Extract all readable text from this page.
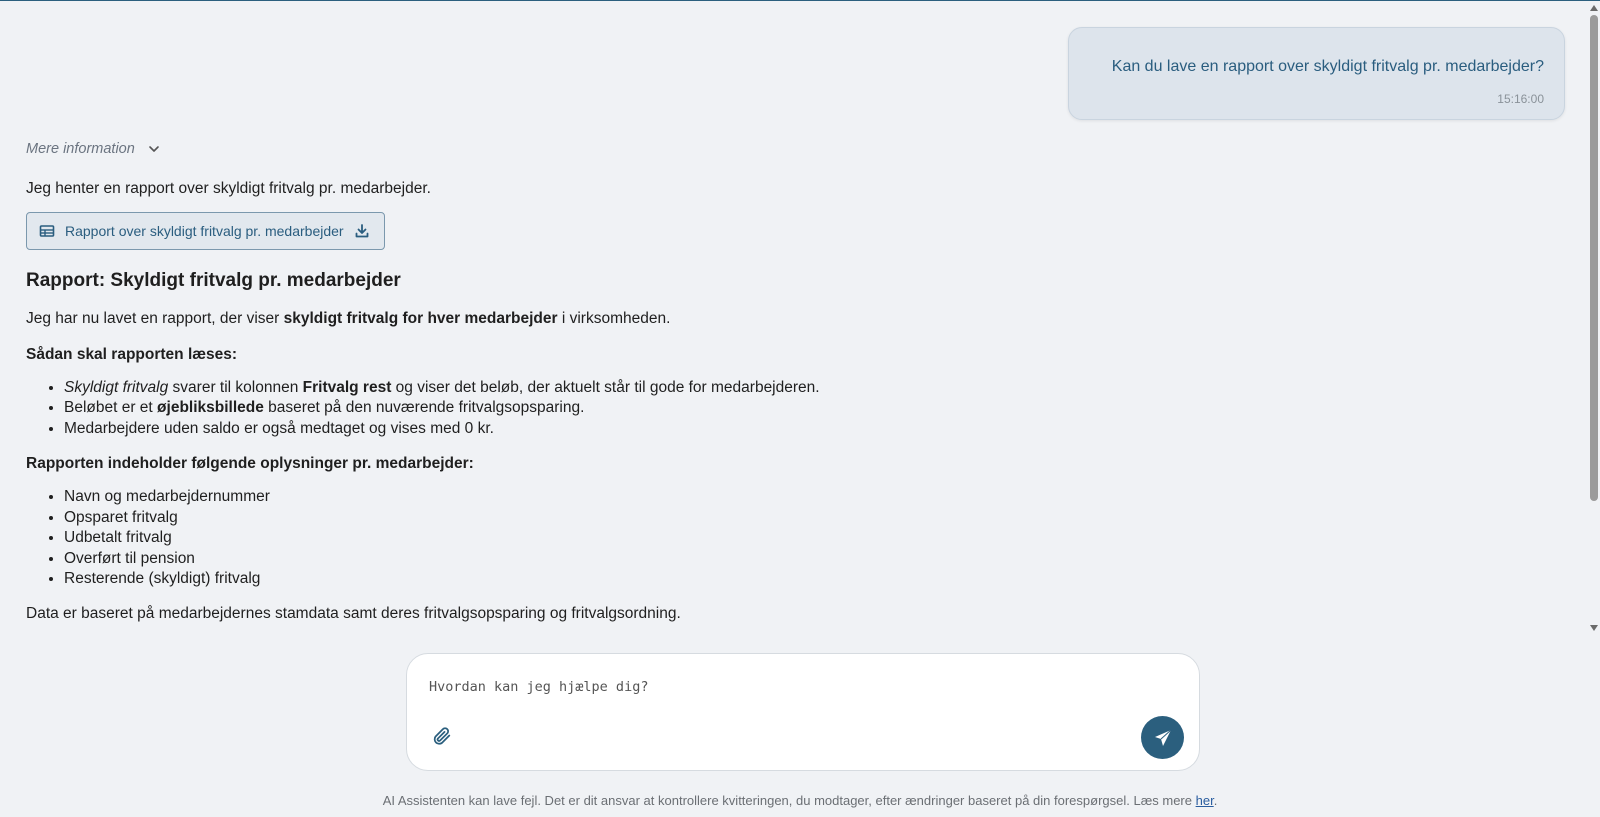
Kan du lave en rapport over skyldigt fritvalg pr. medarbejder?
15:16:00
Mere information

Jeg henter en rapport over skyldigt fritvalg pr. medarbejder.

Rapport over skyldigt fritvalg pr. medarbejder
Rapport: Skyldigt fritvalg pr. medarbejder

Jeg har nu lavet en rapport, der viser skyldigt fritvalg for hver medarbejder i virksomheden.

Sådan skal rapporten læses:

• Skyldigt fritvalg svarer til kolonnen Fritvalg rest og viser det beløb, der aktuelt står til gode for medarbejderen.
• Beløbet er et øjebliksbillede baseret på den nuværende fritvalgsopsparing.
• Medarbejdere uden saldo er også medtaget og vises med 0 kr.

Rapporten indeholder følgende oplysninger pr. medarbejder:

• Navn og medarbejdernummer
• Opsparet fritvalg
• Udbetalt fritvalg
• Overført til pension
• Resterende (skyldigt) fritvalg

Data er baseret på medarbejdernes stamdata samt deres fritvalgsopsparing og fritvalgsordning.

Hvordan kan jeg hjælpe dig?
AI Assistenten kan lave fejl. Det er dit ansvar at kontrollere kvitteringen, du modtager, efter ændringer baseret på din forespørgsel. Læs mere her.
